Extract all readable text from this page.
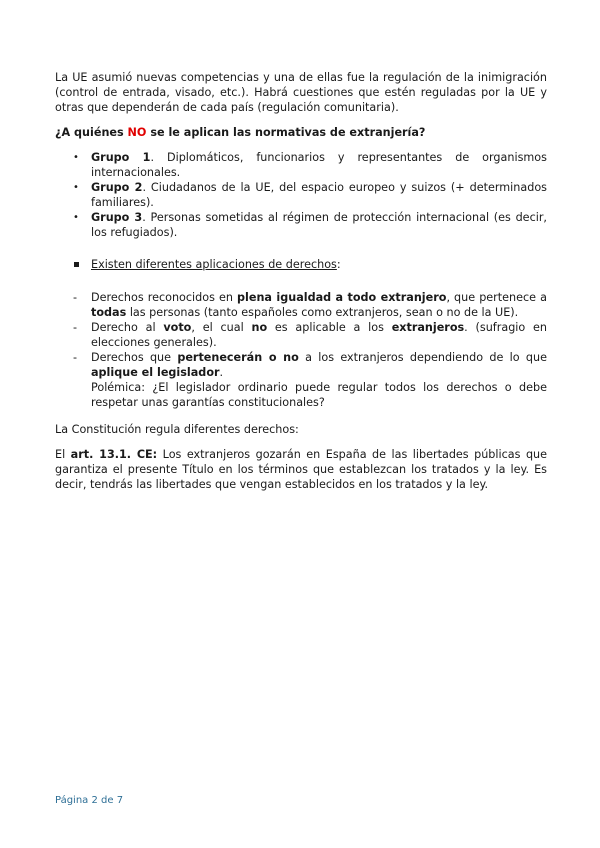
La UE asumió nuevas competencias y una de ellas fue la regulación de la inimigración (control de entrada, visado, etc.). Habrá cuestiones que estén reguladas por la UE y otras que dependerán de cada país (regulación comunitaria).

¿A quiénes NO se le aplican las normativas de extranjería?

• Grupo 1. Diplomáticos, funcionarios y representantes de organismos internacionales.
• Grupo 2. Ciudadanos de la UE, del espacio europeo y suizos (+ determinados familiares).
• Grupo 3. Personas sometidas al régimen de protección internacional (es decir, los refugiados).
Existen diferentes aplicaciones de derechos:
- Derechos reconocidos en plena igualdad a todo extranjero, que pertenece a todas las personas (tanto españoles como extranjeros, sean o no de la UE).
- Derecho al voto, el cual no es aplicable a los extranjeros. (sufragio en elecciones generales).
- Derechos que pertenecerán o no a los extranjeros dependiendo de lo que aplique el legislador.
Polémica: ¿El legislador ordinario puede regular todos los derechos o debe respetar unas garantías constitucionales?

La Constitución regula diferentes derechos:

El art. 13.1. CE: Los extranjeros gozarán en España de las libertades públicas que garantiza el presente Título en los términos que establezcan los tratados y la ley. Es decir, tendrás las libertades que vengan establecidos en los tratados y la ley.

Página 2 de 7
